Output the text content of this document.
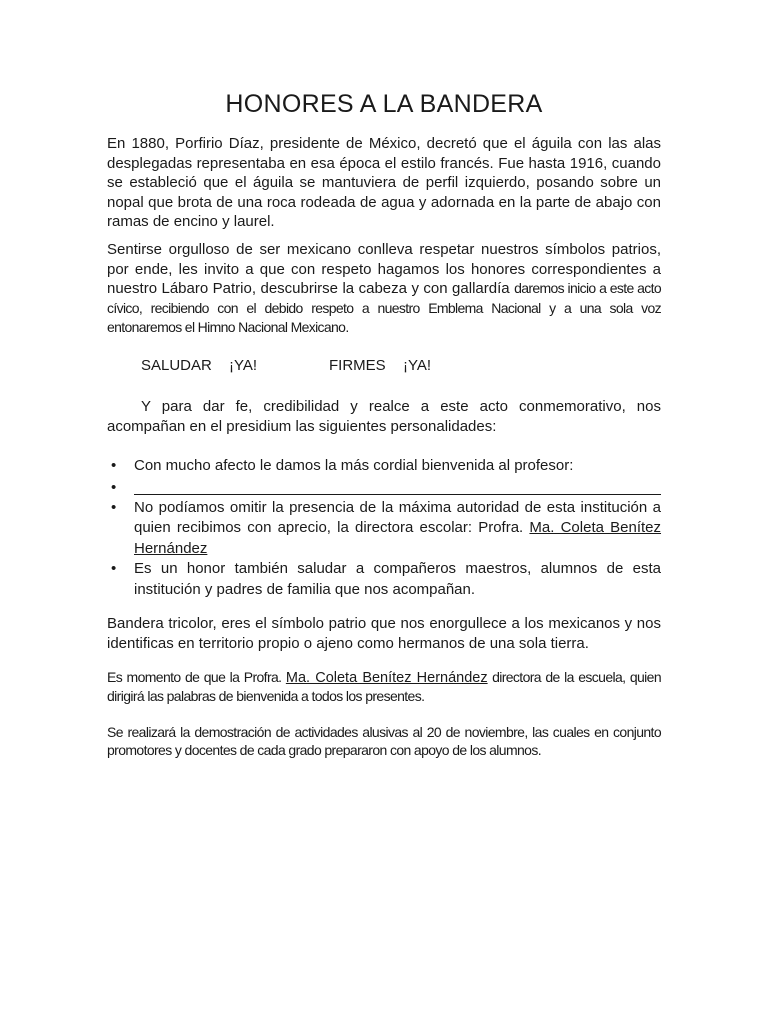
HONORES A LA BANDERA
En 1880, Porfirio Díaz, presidente de México, decretó que el águila con las alas desplegadas representaba en esa época el estilo francés. Fue hasta 1916, cuando se estableció que el águila se mantuviera de perfil izquierdo, posando sobre un nopal que brota de una roca rodeada de agua y adornada en la parte de abajo con ramas de encino y laurel.
Sentirse orgulloso de ser mexicano conlleva respetar nuestros símbolos patrios, por ende, les invito a que con respeto hagamos los honores correspondientes a nuestro Lábaro Patrio, descubrirse la cabeza y con gallardía daremos inicio a este acto cívico, recibiendo con el debido respeto a nuestro Emblema Nacional y a una sola voz entonaremos el Himno Nacional Mexicano.
SALUDAR ¡YA!	FIRMES ¡YA!
Y para dar fe, credibilidad y realce a este acto conmemorativo, nos acompañan en el presidium las siguientes personalidades:
• Con mucho afecto le damos la más cordial bienvenida al profesor:
•
• No podíamos omitir la presencia de la máxima autoridad de esta institución a quien recibimos con aprecio, la directora escolar: Profra. Ma. Coleta Benítez Hernández
• Es un honor también saludar a compañeros maestros, alumnos de esta institución y padres de familia que nos acompañan.
Bandera tricolor, eres el símbolo patrio que nos enorgullece a los mexicanos y nos identificas en territorio propio o ajeno como hermanos de una sola tierra.
Es momento de que la Profra. Ma. Coleta Benítez Hernández directora de la escuela, quien dirigirá las palabras de bienvenida a todos los presentes.
Se realizará la demostración de actividades alusivas al 20 de noviembre, las cuales en conjunto promotores y docentes de cada grado prepararon con apoyo de los alumnos.
